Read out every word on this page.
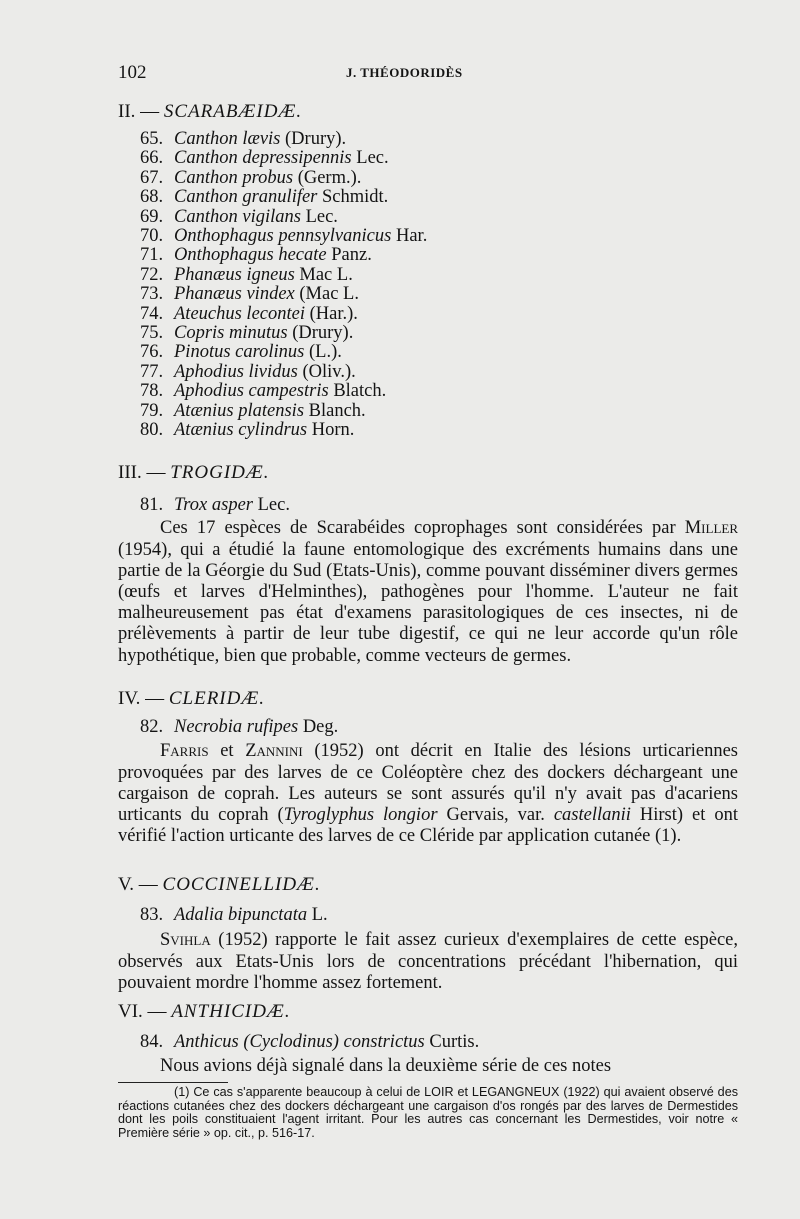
102	J. THÉODORIDÈS

II. — SCARABÆIDÆ.

65. Canthon lævis (Drury).
66. Canthon depressipennis Lec.
67. Canthon probus (Germ.).
68. Canthon granulifer Schmidt.
69. Canthon vigilans Lec.
70. Onthophagus pennsylvanicus Har.
71. Onthophagus hecate Panz.
72. Phanæus igneus Mac L.
73. Phanæus vindex (Mac L.
74. Ateuchus lecontei (Har.).
75. Copris minutus (Drury).
76. Pinotus carolinus (L.).
77. Aphodius lividus (Oliv.).
78. Aphodius campestris Blatch.
79. Atænius platensis Blanch.
80. Atænius cylindrus Horn.

III. — TROGIDÆ.

81. Trox asper Lec.

Ces 17 espèces de Scarabéides coprophages sont considérées par Miller (1954), qui a étudié la faune entomologique des excréments humains dans une partie de la Géorgie du Sud (Etats-Unis), comme pouvant disséminer divers germes (œufs et larves d'Helminthes), pathogènes pour l'homme. L'auteur ne fait malheureusement pas état d'examens parasitologiques de ces insectes, ni de prélèvements à partir de leur tube digestif, ce qui ne leur accorde qu'un rôle hypothétique, bien que probable, comme vecteurs de germes.

IV. — CLERIDÆ.

82. Necrobia rufipes Deg.

Farris et Zannini (1952) ont décrit en Italie des lésions urticariennes provoquées par des larves de ce Coléoptère chez des dockers déchargeant une cargaison de coprah. Les auteurs se sont assurés qu'il n'y avait pas d'acariens urticants du coprah (Tyroglyphus longior Gervais, var. castellanii Hirst) et ont vérifié l'action urticante des larves de ce Cléride par application cutanée (1).

V. — COCCINELLIDÆ.

83. Adalia bipunctata L.

Svihla (1952) rapporte le fait assez curieux d'exemplaires de cette espèce, observés aux Etats-Unis lors de concentrations précédant l'hibernation, qui pouvaient mordre l'homme assez fortement.

VI. — ANTHICIDÆ.

84. Anthicus (Cyclodinus) constrictus Curtis.

Nous avions déjà signalé dans la deuxième série de ces notes

(1) Ce cas s'apparente beaucoup à celui de LOIR et LEGANGNEUX (1922) qui avaient observé des réactions cutanées chez des dockers déchargeant une cargaison d'os rongés par des larves de Dermestides dont les poils constituaient l'agent irritant. Pour les autres cas concernant les Dermestides, voir notre « Première série » op. cit., p. 516-17.
